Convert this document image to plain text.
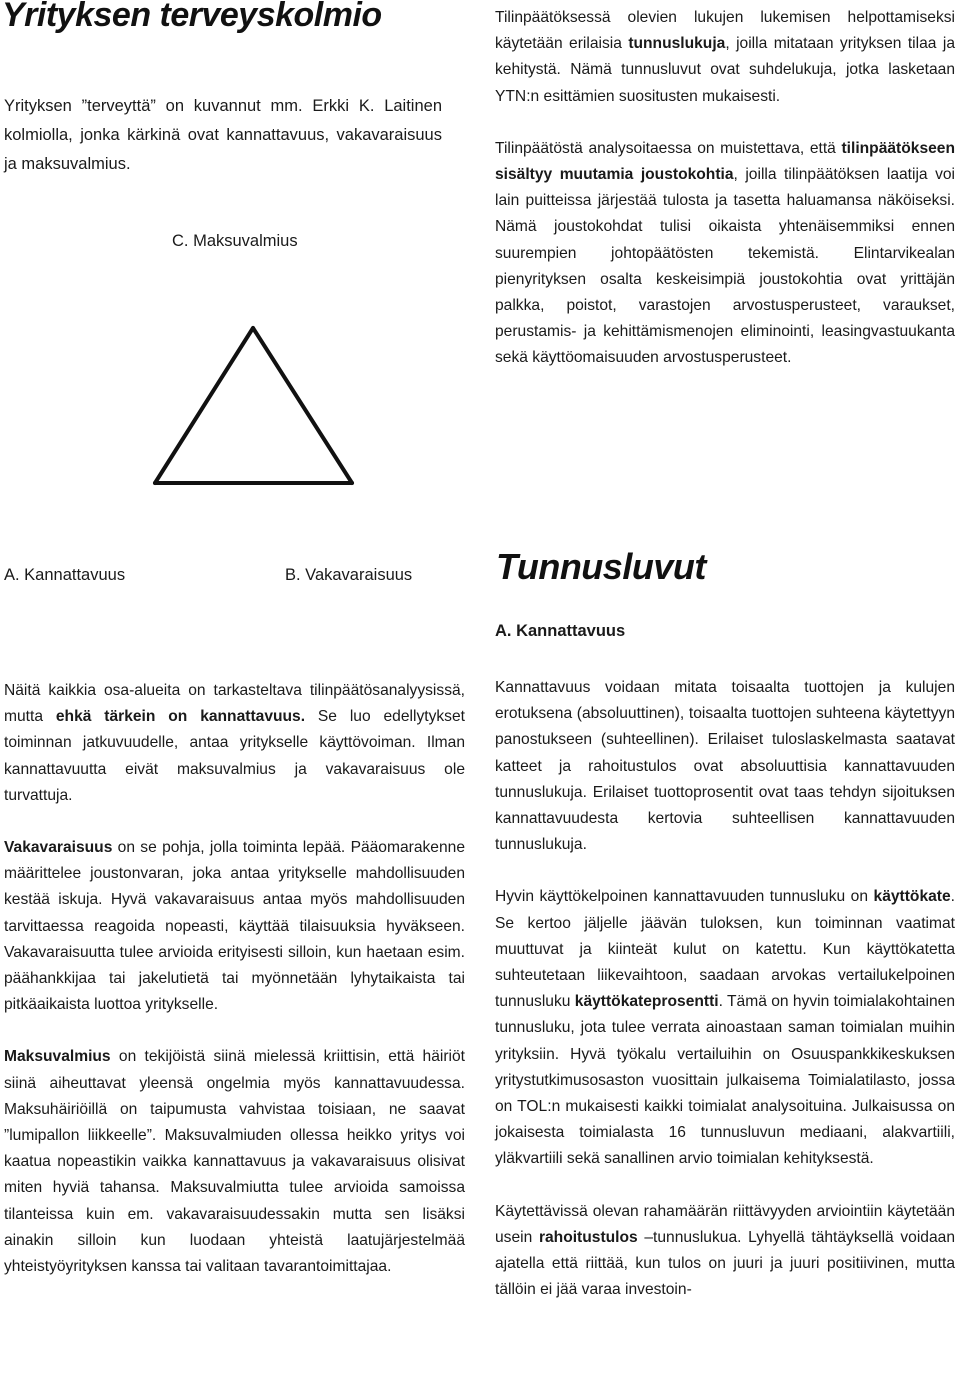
Yrityksen terveyskolmio

Yrityksen ”terveyttä” on kuvannut mm. Erkki K. Laitinen kolmiolla, jonka kärkinä ovat kannattavuus, vakavaraisuus ja maksuvalmius.

C. Maksuvalmius
A. Kannattavuus	B. Vakavaraisuus

Tilinpäätöksessä olevien lukujen lukemisen helpottamiseksi käytetään erilaisia tunnuslukuja, joilla mitataan yrityksen tilaa ja kehitystä. Nämä tunnusluvut ovat suhdelukuja, jotka lasketaan YTN:n esittämien suositusten mukaisesti.

Tilinpäätöstä analysoitaessa on muistettava, että tilinpäätökseen sisältyy muutamia joustokohtia, joilla tilinpäätöksen laatija voi lain puitteissa järjestää tulosta ja tasetta haluamansa näköiseksi. Nämä joustokohdat tulisi oikaista yhtenäisemmiksi ennen suurempien johtopäätösten tekemistä. Elintarvikealan pienyrityksen osalta keskeisimpiä joustokohtia ovat yrittäjän palkka, poistot, varastojen arvostusperusteet, varaukset, perustamis- ja kehittämismenojen eliminointi, leasingvastuukanta sekä käyttöomaisuuden arvostusperusteet.

Tunnusluvut
A. Kannattavuus

Näitä kaikkia osa-alueita on tarkasteltava tilinpäätösanalyysissä, mutta ehkä tärkein on kannattavuus. Se luo edellytykset toiminnan jatkuvuudelle, antaa yritykselle käyttövoiman. Ilman kannattavuutta eivät maksuvalmius ja vakavaraisuus ole turvattuja.

Vakavaraisuus on se pohja, jolla toiminta lepää. Pääomarakenne määrittelee joustonvaran, joka antaa yritykselle mahdollisuuden kestää iskuja. Hyvä vakavaraisuus antaa myös mahdollisuuden tarvittaessa reagoida nopeasti, käyttää tilaisuuksia hyväkseen. Vakavaraisuutta tulee arvioida erityisesti silloin, kun haetaan esim. päähankkijaa tai jakelutietä tai myönnetään lyhytaikaista tai pitkäaikaista luottoa yritykselle.

Maksuvalmius on tekijöistä siinä mielessä kriittisin, että häiriöt siinä aiheuttavat yleensä ongelmia myös kannattavuudessa. Maksuhäiriöillä on taipumusta vahvistaa toisiaan, ne saavat ”lumipallon liikkeelle”. Maksuvalmiuden ollessa heikko yritys voi kaatua nopeastikin vaikka kannattavuus ja vakavaraisuus olisivat miten hyviä tahansa. Maksuvalmiutta tulee arvioida samoissa tilanteissa kuin em. vakavaraisuudessakin mutta sen lisäksi ainakin silloin kun luodaan yhteistä laatujärjestelmää yhteistyöyrityksen kanssa tai valitaan tavarantoimittajaa.

Kannattavuus voidaan mitata toisaalta tuottojen ja kulujen erotuksena (absoluuttinen), toisaalta tuottojen suhteena käytettyyn panostukseen (suhteellinen). Erilaiset tuloslaskelmasta saatavat katteet ja rahoitustulos ovat absoluuttisia kannattavuuden tunnuslukuja. Erilaiset tuottoprosentit ovat taas tehdyn sijoituksen kannattavuudesta kertovia suhteellisen kannattavuuden tunnuslukuja.

Hyvin käyttökelpoinen kannattavuuden tunnusluku on käyttökate. Se kertoo jäljelle jäävän tuloksen, kun toiminnan vaatimat muuttuvat ja kiinteät kulut on katettu. Kun käyttökatetta suhteutetaan liikevaihtoon, saadaan arvokas vertailukelpoinen tunnusluku käyttökateprosentti. Tämä on hyvin toimialakohtainen tunnusluku, jota tulee verrata ainoastaan saman toimialan muihin yrityksiin. Hyvä työkalu vertailuihin on Osuuspankkikeskuksen yritystutkimusosaston vuosittain julkaisema Toimialatilasto, jossa on TOL:n mukaisesti kaikki toimialat analysoituina. Julkaisussa on jokaisesta toimialasta 16 tunnusluvun mediaani, alakvartiili, yläkvartiili sekä sanallinen arvio toimialan kehityksestä.

Käytettävissä olevan rahamäärän riittävyyden arviointiin käytetään usein rahoitustulos –tunnuslukua. Lyhyellä tähtäyksellä voidaan ajatella että riittää, kun tulos on juuri ja juuri positiivinen, mutta tällöin ei jää varaa investoin-
